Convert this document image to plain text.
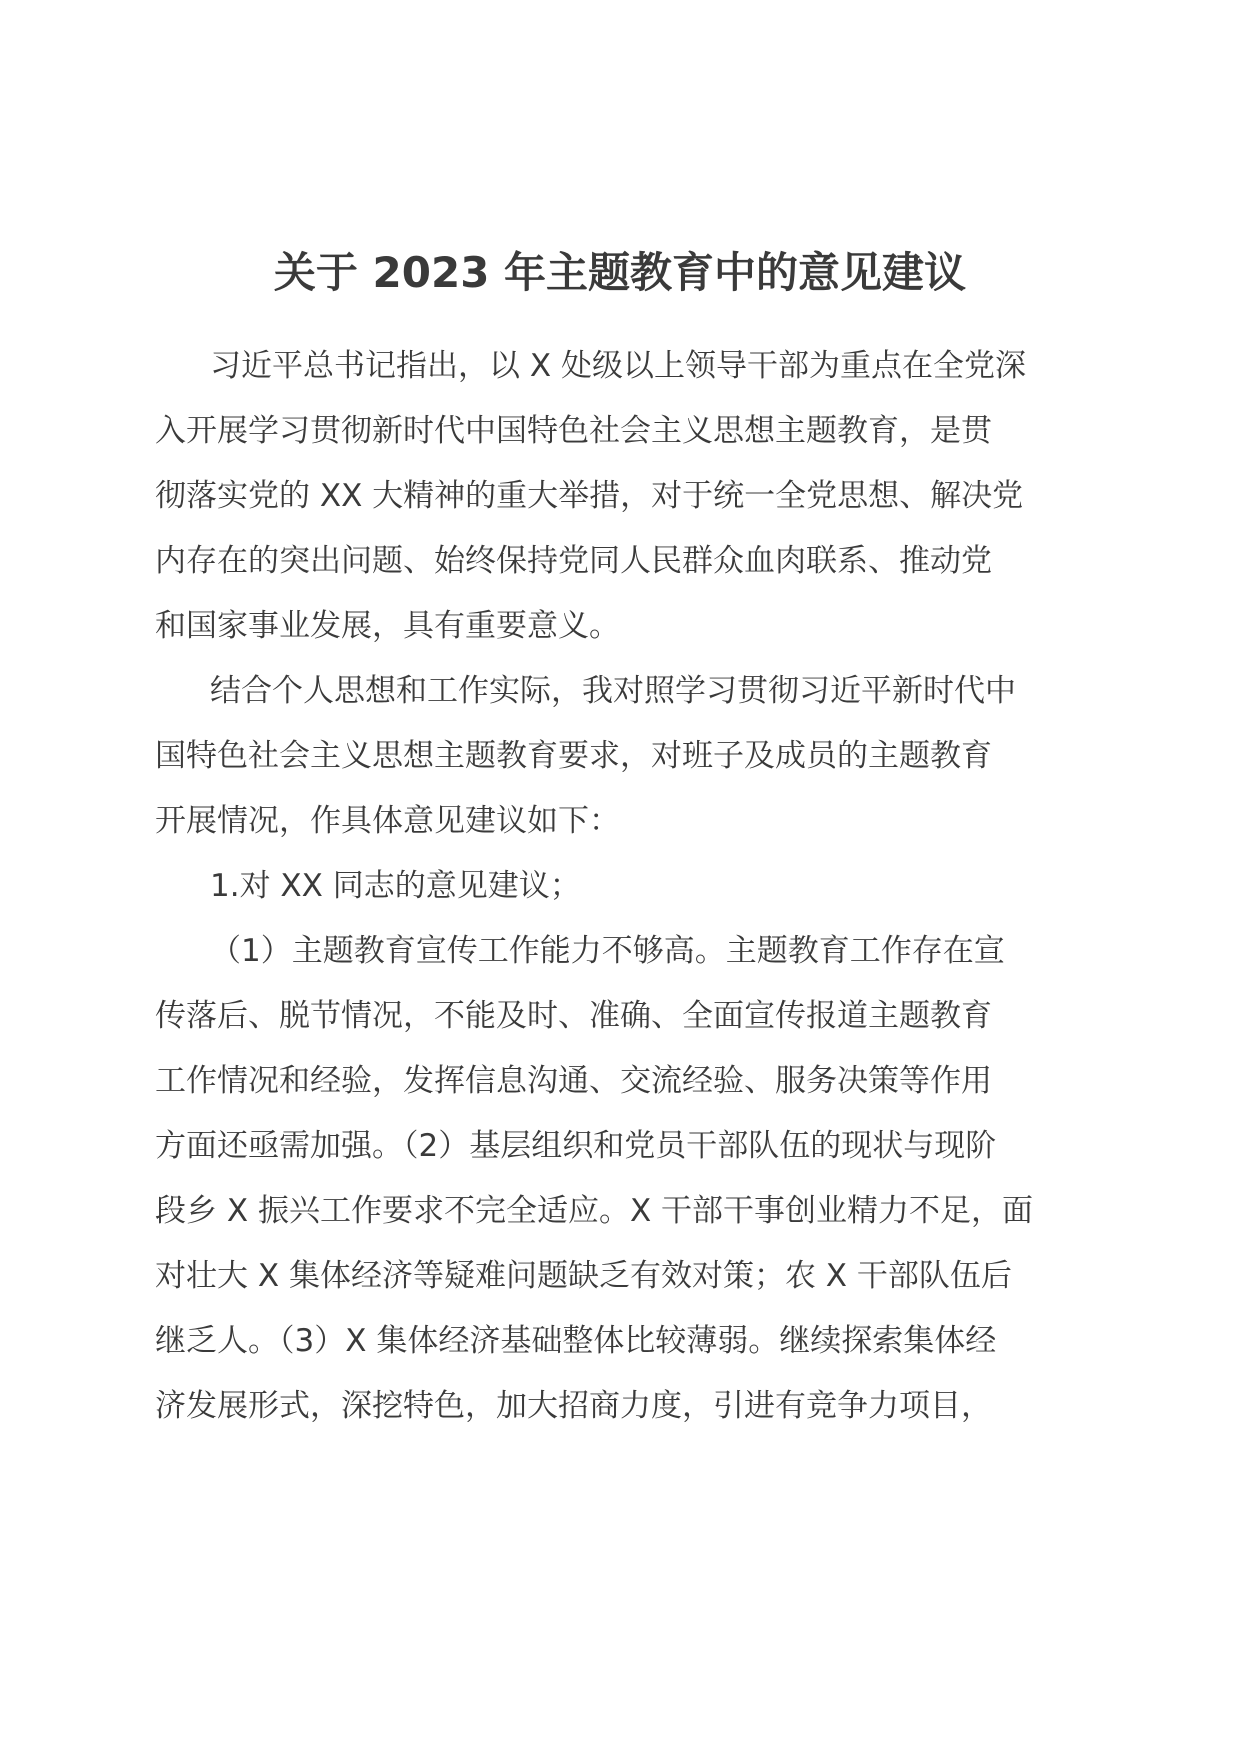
关于 2023 年主题教育中的意见建议

习近平总书记指出，以 X 处级以上领导干部为重点在全党深

入开展学习贯彻新时代中国特色社会主义思想主题教育，是贯

彻落实党的 XX 大精神的重大举措，对于统一全党思想、解决党

内存在的突出问题、始终保持党同人民群众血肉联系、推动党

和国家事业发展，具有重要意义。

结合个人思想和工作实际，我对照学习贯彻习近平新时代中

国特色社会主义思想主题教育要求，对班子及成员的主题教育

开展情况，作具体意见建议如下：

1.对 XX 同志的意见建议；

（1）主题教育宣传工作能力不够高。主题教育工作存在宣

传落后、脱节情况，不能及时、准确、全面宣传报道主题教育

工作情况和经验，发挥信息沟通、交流经验、服务决策等作用

方面还亟需加强。（2）基层组织和党员干部队伍的现状与现阶

段乡 X 振兴工作要求不完全适应。X 干部干事创业精力不足，面

对壮大 X 集体经济等疑难问题缺乏有效对策；农 X 干部队伍后

继乏人。（3）X 集体经济基础整体比较薄弱。继续探索集体经

济发展形式，深挖特色，加大招商力度，引进有竞争力项目，
